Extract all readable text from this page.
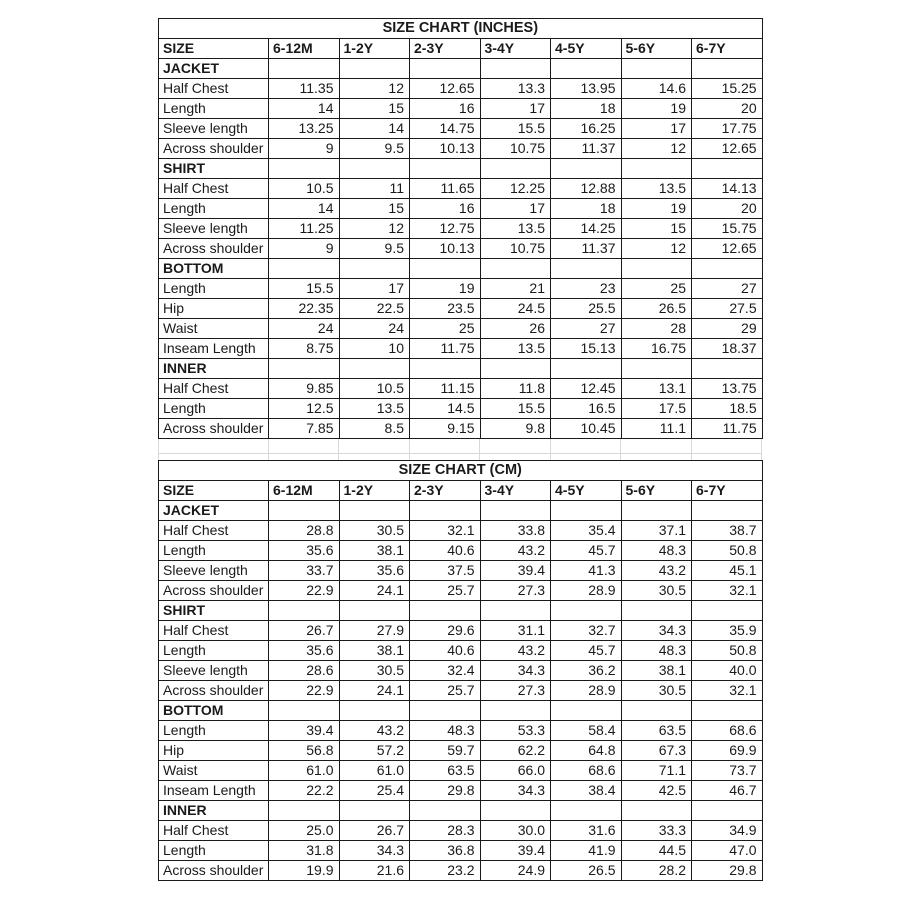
SIZE CHART (INCHES)							
SIZE	6-12M	1-2Y	2-3Y	3-4Y	4-5Y	5-6Y	6-7Y
JACKET							
Half Chest	11.35	12	12.65	13.3	13.95	14.6	15.25
Length	14	15	16	17	18	19	20
Sleeve length	13.25	14	14.75	15.5	16.25	17	17.75
Across shoulder	9	9.5	10.13	10.75	11.37	12	12.65
SHIRT							
Half Chest	10.5	11	11.65	12.25	12.88	13.5	14.13
Length	14	15	16	17	18	19	20
Sleeve length	11.25	12	12.75	13.5	14.25	15	15.75
Across shoulder	9	9.5	10.13	10.75	11.37	12	12.65
BOTTOM							
Length	15.5	17	19	21	23	25	27
Hip	22.35	22.5	23.5	24.5	25.5	26.5	27.5
Waist	24	24	25	26	27	28	29
Inseam Length	8.75	10	11.75	13.5	15.13	16.75	18.37
INNER							
Half Chest	9.85	10.5	11.15	11.8	12.45	13.1	13.75
Length	12.5	13.5	14.5	15.5	16.5	17.5	18.5
Across shoulder	7.85	8.5	9.15	9.8	10.45	11.1	11.75
SIZE CHART (CM)							
SIZE	6-12M	1-2Y	2-3Y	3-4Y	4-5Y	5-6Y	6-7Y
JACKET							
Half Chest	28.8	30.5	32.1	33.8	35.4	37.1	38.7
Length	35.6	38.1	40.6	43.2	45.7	48.3	50.8
Sleeve length	33.7	35.6	37.5	39.4	41.3	43.2	45.1
Across shoulder	22.9	24.1	25.7	27.3	28.9	30.5	32.1
SHIRT							
Half Chest	26.7	27.9	29.6	31.1	32.7	34.3	35.9
Length	35.6	38.1	40.6	43.2	45.7	48.3	50.8
Sleeve length	28.6	30.5	32.4	34.3	36.2	38.1	40.0
Across shoulder	22.9	24.1	25.7	27.3	28.9	30.5	32.1
BOTTOM							
Length	39.4	43.2	48.3	53.3	58.4	63.5	68.6
Hip	56.8	57.2	59.7	62.2	64.8	67.3	69.9
Waist	61.0	61.0	63.5	66.0	68.6	71.1	73.7
Inseam Length	22.2	25.4	29.8	34.3	38.4	42.5	46.7
INNER							
Half Chest	25.0	26.7	28.3	30.0	31.6	33.3	34.9
Length	31.8	34.3	36.8	39.4	41.9	44.5	47.0
Across shoulder	19.9	21.6	23.2	24.9	26.5	28.2	29.8
